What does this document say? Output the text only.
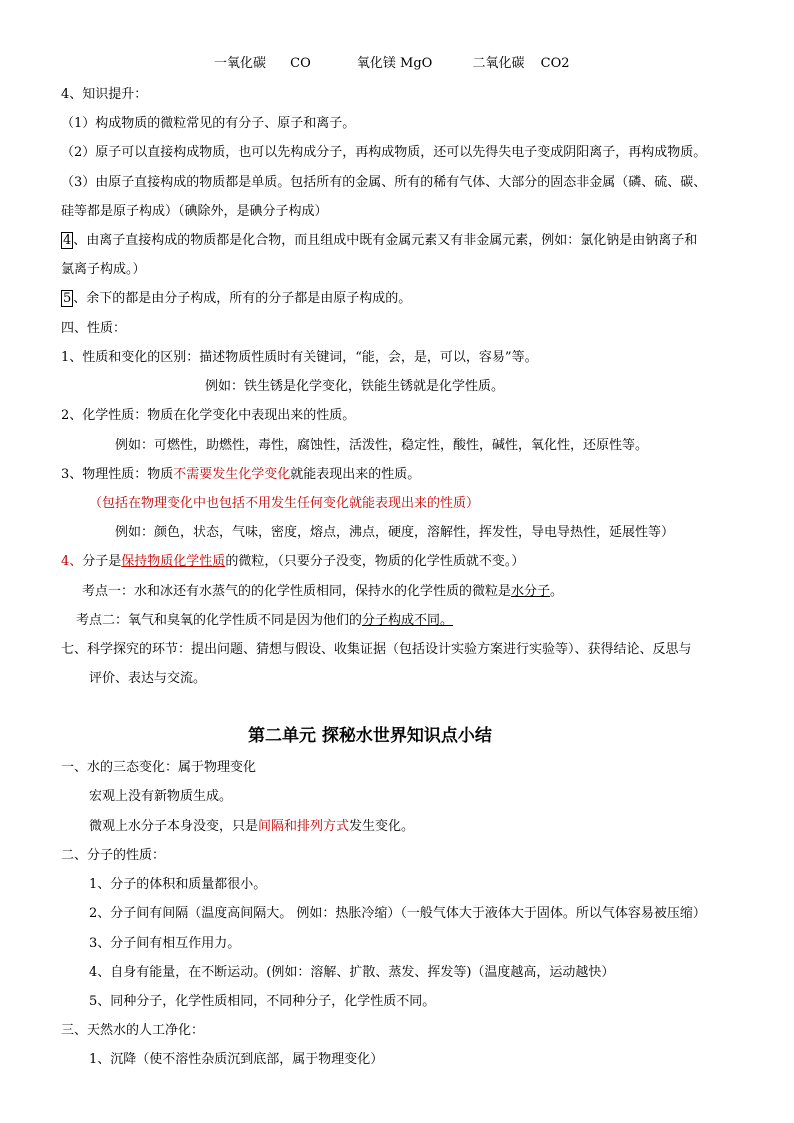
一氧化碳 CO	氧化镁 MgO	二氧化碳 CO2
4、知识提升：
（1）构成物质的微粒常见的有分子、原子和离子。
（2）原子可以直接构成物质，也可以先构成分子，再构成物质，还可以先得失电子变成阴阳离子，再构成物质。
（3）由原子直接构成的物质都是单质。包括所有的金属、所有的稀有气体、大部分的固态非金属（磷、硫、碳、
硅等都是原子构成）（碘除外，是碘分子构成）
4 、由离子直接构成的物质都是化合物，而且组成中既有金属元素又有非金属元素，例如：氯化钠是由钠离子和
氯离子构成。）
5 、余下的都是由分子构成，所有的分子都是由原子构成的。
四、性质：
1、性质和变化的区别：描述物质性质时有关键词，“能，会，是，可以，容易”等。
例如：铁生锈是化学变化，铁能生锈就是化学性质。
2、化学性质：物质在化学变化中表现出来的性质。
例如：可燃性，助燃性，毒性，腐蚀性，活泼性，稳定性，酸性，碱性，氧化性，还原性等。
3、物理性质：物质不需要发生化学变化就能表现出来的性质。
（包括在物理变化中也包括不用发生任何变化就能表现出来的性质）
例如：颜色，状态，气味，密度，熔点，沸点，硬度，溶解性，挥发性，导电导热性，延展性等）
4、分子是保持物质化学性质的微粒，（只要分子没变，物质的化学性质就不变。）
考点一：水和冰还有水蒸气的的化学性质相同，保持水的化学性质的微粒是水分子。
考点二：氧气和臭氧的化学性质不同是因为他们的分子构成不同。
七、科学探究的环节：提出问题、猜想与假设、收集证据（包括设计实验方案进行实验等）、获得结论、反思与
评价、表达与交流。
第二单元 探秘水世界知识点小结
一、水的三态变化：属于物理变化
宏观上没有新物质生成。
微观上水分子本身没变，只是间隔和排列方式发生变化。
二、分子的性质：
1、分子的体积和质量都很小。
2、分子间有间隔（温度高间隔大。 例如：热胀冷缩）（一般气体大于液体大于固体。所以气体容易被压缩）
3、分子间有相互作用力。
4、自身有能量，在不断运动。(例如：溶解、扩散、蒸发、挥发等)（温度越高，运动越快）
5、同种分子，化学性质相同，不同种分子，化学性质不同。
三、天然水的人工净化：
1、沉降（使不溶性杂质沉到底部，属于物理变化）
